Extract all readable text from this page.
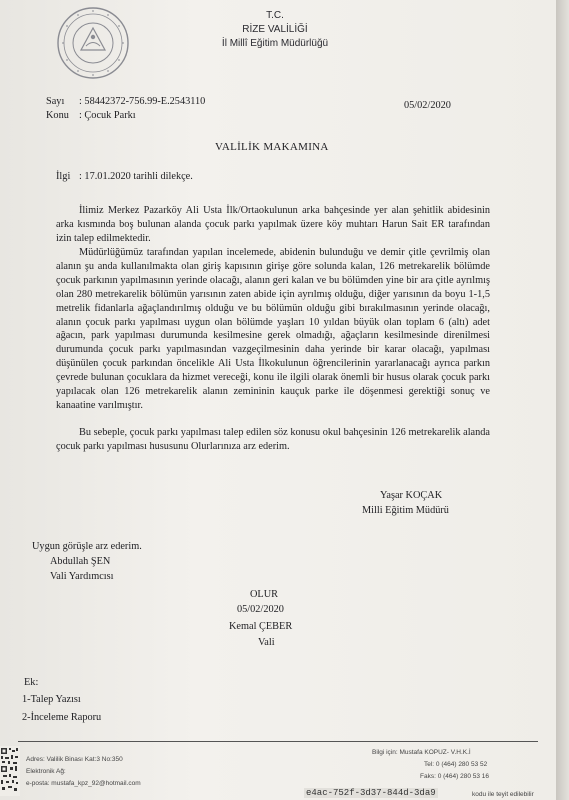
T.C.
RİZE VALİLİĞİ
İl Millî Eğitim Müdürlüğü
Sayı : 58442372-756.99-E.2543110	05/02/2020
Konu : Çocuk Parkı
VALİLİK MAKAMINA
İlgi : 17.01.2020 tarihli dilekçe.
İlimiz Merkez Pazarköy Ali Usta İlk/Ortaokulunun arka bahçesinde yer alan şehitlik abidesinin arka kısmında boş bulunan alanda çocuk parkı yapılmak üzere köy muhtarı Harun Sait ER tarafından izin talep edilmektedir.
Müdürlüğümüz tarafından yapılan incelemede, abidenin bulunduğu ve demir çitle çevrilmiş olan alanın şu anda kullanılmakta olan giriş kapısının girişe göre solunda kalan, 126 metrekarelik bölümde çocuk parkının yapılmasının yerinde olacağı, alanın geri kalan ve bu bölümden yine bir ara çitle ayrılmış olan 280 metrekarelik bölümün yarısının zaten abide için ayrılmış olduğu, diğer yarısının da boyu 1-1,5 metrelik fidanlarla ağaçlandırılmış olduğu ve bu bölümün olduğu gibi bırakılmasının yerinde olacağı, alanın çocuk parkı yapılması uygun olan bölümde yaşları 10 yıldan büyük olan toplam 6 (altı) adet ağacın, park yapılması durumunda kesilmesine gerek olmadığı, ağaçların kesilmesinde direnilmesi durumunda çocuk parkı yapılmasından vazgeçilmesinin daha yerinde bir karar olacağı, yapılması düşünülen çocuk parkından öncelikle Ali Usta İlkokulunun öğrencilerinin yararlanacağı ayrıca parkın çevrede bulunan çocuklara da hizmet vereceği, konu ile ilgili olarak önemli bir husus olarak çocuk parkı yapılacak olan 126 metrekarelik alanın zemininin kauçuk parke ile döşenmesi gerektiği sonuç ve kanaatine varılmıştır.
Bu sebeple, çocuk parkı yapılması talep edilen söz konusu okul bahçesinin 126 metrekarelik alanda çocuk parkı yapılması hususunu Olurlarınıza arz ederim.
Yaşar KOÇAK
Milli Eğitim Müdürü
Uygun görüşle arz ederim.
Abdullah ŞEN
Vali Yardımcısı
OLUR
05/02/2020
Kemal ÇEBER
Vali
Ek:
1-Talep Yazısı
2-İnceleme Raporu
Adres: Valilik Binası Kat:3 No:350
Elektronik Ağ:
e-posta: mustafa_kpz_92@hotmail.com
Bilgi için: Mustafa KOPUZ- V.H.K.İ
Tel: 0 (464) 280 53 52
Faks: 0 (464) 280 53 16
e4ac-752f-3d37-844d-3da9	kodu ile teyit edilebilir
